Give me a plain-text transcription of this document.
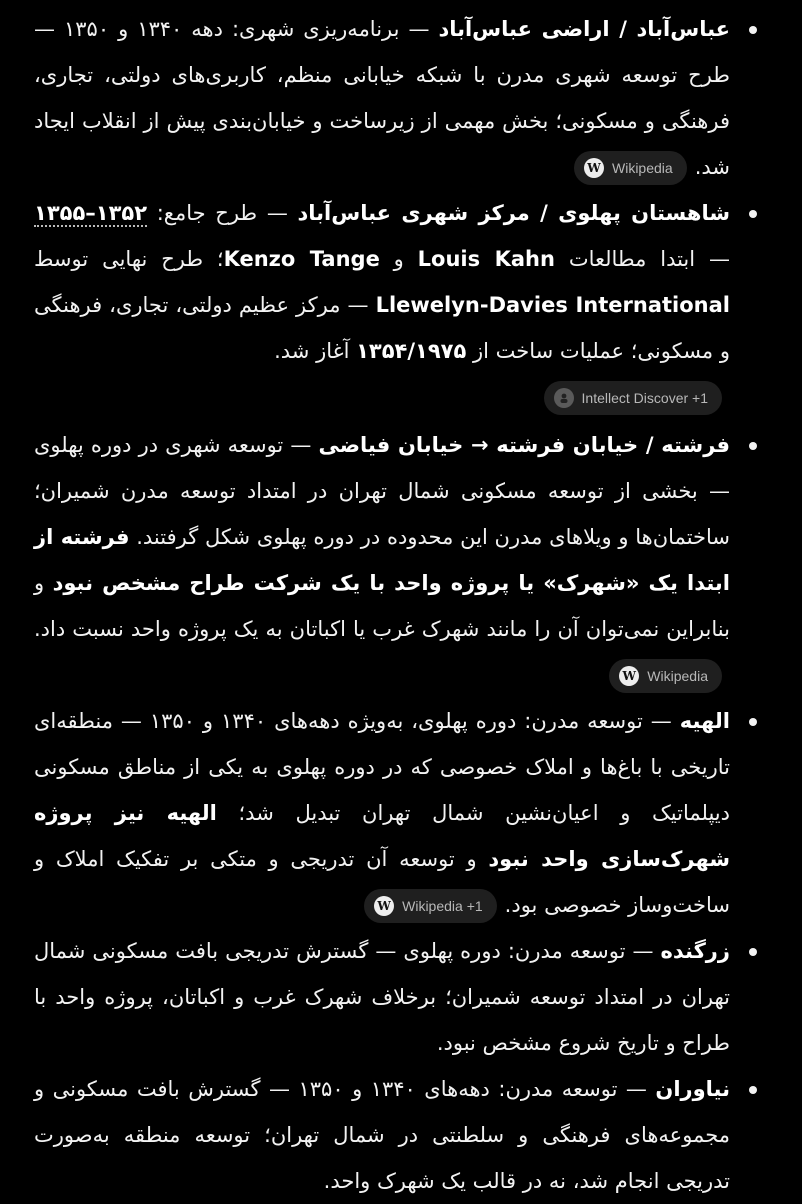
عباس‌آباد / اراضی عباس‌آباد — برنامه‌ریزی شهری: دهه ۱۳۴۰ و ۱۳۵۰ — طرح توسعه شهری مدرن با شبکه خیابانی منظم، کاربری‌های دولتی، تجاری، فرهنگی و مسکونی؛ بخش مهمی از زیرساخت و خیابان‌بندی پیش از انقلاب ایجاد شد.
W Wikipedia
شاهستان پهلوی / مرکز شهری عباس‌آباد — طرح جامع: ۱۳۵۲–۱۳۵۵ — ابتدا مطالعات Louis Kahn و Kenzo Tange؛ طرح نهایی توسط Llewelyn-Davies International — مرکز عظیم دولتی، تجاری، فرهنگی و مسکونی؛ عملیات ساخت از ۱۳۵۴/۱۹۷۵ آغاز شد.
Intellect Discover +1
فرشته / خیابان فرشته → خیابان فیاضی — توسعه شهری در دوره پهلوی — بخشی از توسعه مسکونی شمال تهران در امتداد توسعه مدرن شمیران؛ ساختمان‌ها و ویلاهای مدرن این محدوده در دوره پهلوی شکل گرفتند. فرشته از ابتدا یک «شهرک» یا پروژه واحد با یک شرکت طراح مشخص نبود و بنابراین نمی‌توان آن را مانند شهرک غرب یا اکباتان به یک پروژه واحد نسبت داد.
W Wikipedia
الهیه — توسعه مدرن: دوره پهلوی، به‌ویژه دهه‌های ۱۳۴۰ و ۱۳۵۰ — منطقه‌ای تاریخی با باغ‌ها و املاک خصوصی که در دوره پهلوی به یکی از مناطق مسکونی دیپلماتیک و اعیان‌نشین شمال تهران تبدیل شد؛ الهیه نیز پروژه شهرک‌سازی واحد نبود و توسعه آن تدریجی و متکی بر تفکیک املاک و ساخت‌وساز خصوصی بود.
W Wikipedia +1
زرگنده — توسعه مدرن: دوره پهلوی — گسترش تدریجی بافت مسکونی شمال تهران در امتداد توسعه شمیران؛ برخلاف شهرک غرب و اکباتان، پروژه واحد با طراح و تاریخ شروع مشخص نبود.
نیاوران — توسعه مدرن: دهه‌های ۱۳۴۰ و ۱۳۵۰ — گسترش بافت مسکونی و مجموعه‌های فرهنگی و سلطنتی در شمال تهران؛ توسعه منطقه به‌صورت تدریجی انجام شد، نه در قالب یک شهرک واحد.
